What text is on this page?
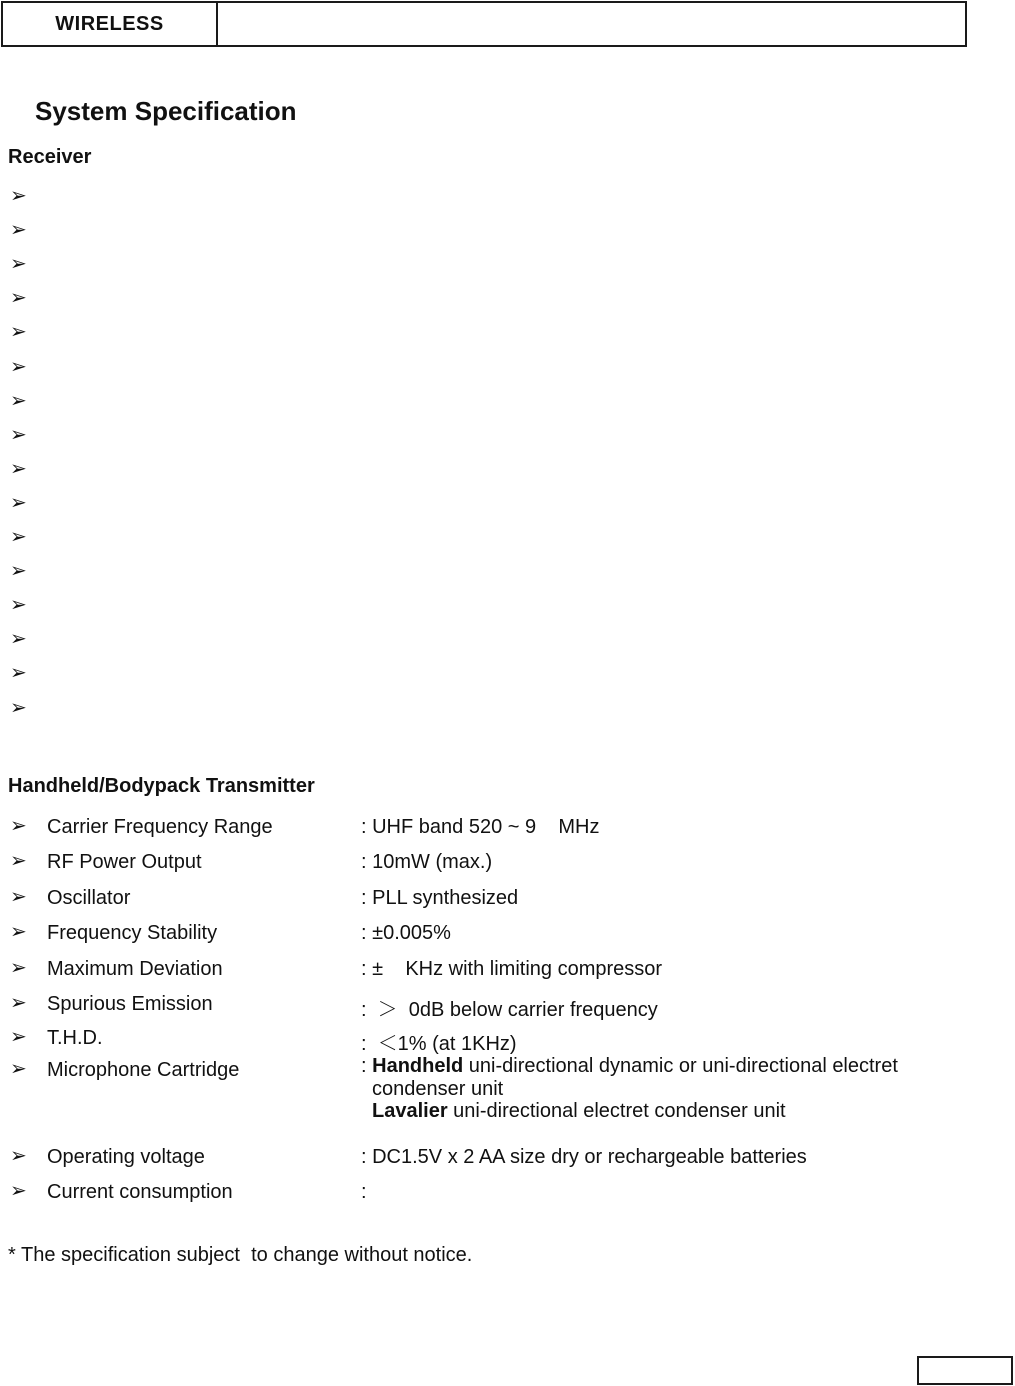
WIRELESS
System Specification
Receiver
➢
➢
➢
➢
➢
➢
➢
➢
➢
➢
➢
➢
➢
➢
➢
➢
Handheld/Bodypack Transmitter
➢ Carrier Frequency Range	: UHF band 520 ~ 9    MHz
➢ RF Power Output	: 10mW (max.)
➢ Oscillator	: PLL synthesized
➢ Frequency Stability	: ±0.005%
➢ Maximum Deviation	: ±    KHz with limiting compressor
➢ Spurious Emission	:  ＞  0dB below carrier frequency
➢ T.H.D.	:  ＜1% (at 1KHz)
➢ Microphone Cartridge	: Handheld uni-directional dynamic or uni-directional electret
condenser unit
Lavalier uni-directional electret condenser unit
➢ Operating voltage	: DC1.5V x 2 AA size dry or rechargeable batteries
➢ Current consumption	:
* The specification subject  to change without notice.
